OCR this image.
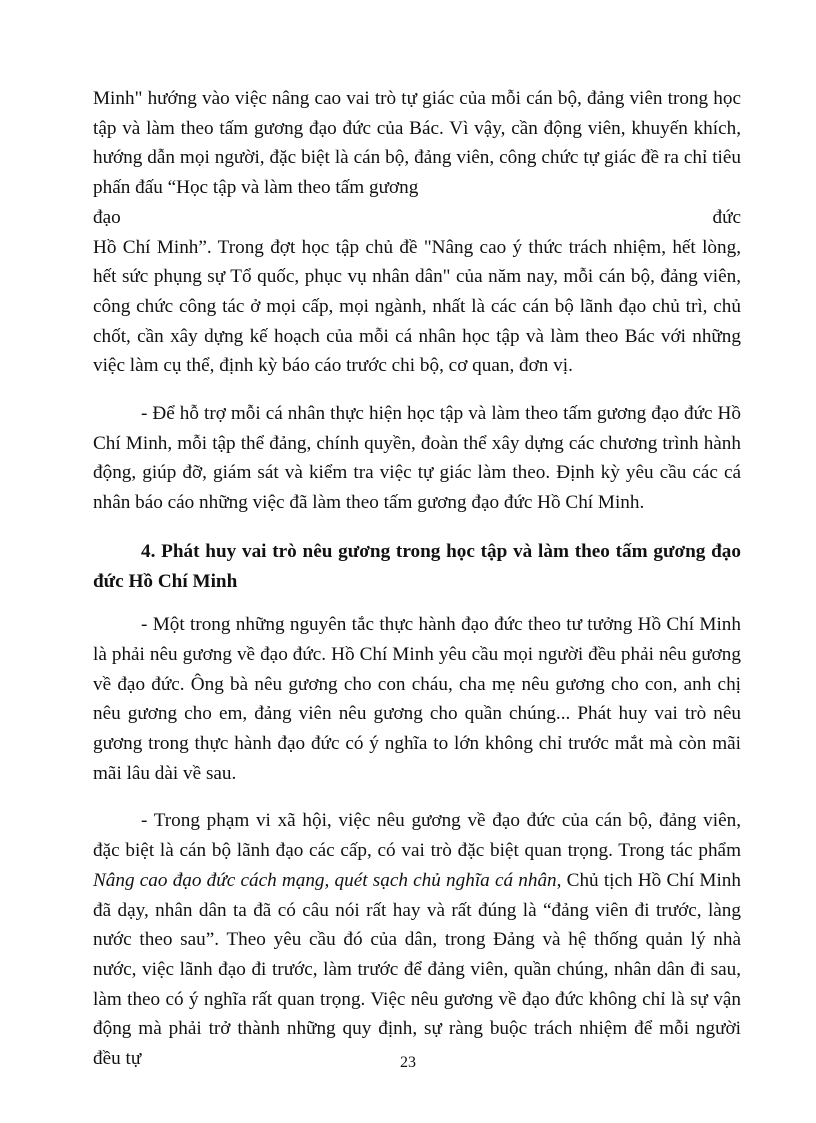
Minh" hướng vào việc nâng cao vai trò tự giác của mỗi cán bộ, đảng viên trong học tập và làm theo tấm gương đạo đức của Bác. Vì vậy, cần động viên, khuyến khích, hướng dẫn mọi người, đặc biệt là cán bộ, đảng viên, công chức tự giác đề ra chỉ tiêu phấn đấu “Học tập và làm theo tấm gương

đạo	đức

Hồ Chí Minh”. Trong đợt học tập chủ đề "Nâng cao ý thức trách nhiệm, hết lòng, hết sức phụng sự Tổ quốc, phục vụ nhân dân" của năm nay, mỗi cán bộ, đảng viên, công chức công tác ở mọi cấp, mọi ngành, nhất là các cán bộ lãnh đạo chủ trì, chủ chốt, cần xây dựng kế hoạch của mỗi cá nhân học tập và làm theo Bác với những việc làm cụ thể, định kỳ báo cáo trước chi bộ, cơ quan, đơn vị.

- Để hỗ trợ mỗi cá nhân thực hiện học tập và làm theo tấm gương đạo đức Hồ Chí Minh, mỗi tập thể đảng, chính quyền, đoàn thể xây dựng các chương trình hành động, giúp đỡ, giám sát và kiểm tra việc tự giác làm theo. Định kỳ yêu cầu các cá nhân báo cáo những việc đã làm theo tấm gương đạo đức Hồ Chí Minh.

4. Phát huy vai trò nêu gương trong học tập và làm theo tấm gương đạo đức Hồ Chí Minh

- Một trong những nguyên tắc thực hành đạo đức theo tư tưởng Hồ Chí Minh là phải nêu gương về đạo đức. Hồ Chí Minh yêu cầu mọi người đều phải nêu gương về đạo đức. Ông bà nêu gương cho con cháu, cha mẹ nêu gương cho con, anh chị nêu gương cho em, đảng viên nêu gương cho quần chúng... Phát huy vai trò nêu gương trong thực hành đạo đức có ý nghĩa to lớn không chỉ trước mắt mà còn mãi mãi lâu dài về sau.

- Trong phạm vi xã hội, việc nêu gương về đạo đức của cán bộ, đảng viên, đặc biệt là cán bộ lãnh đạo các cấp, có vai trò đặc biệt quan trọng. Trong tác phẩm Nâng cao đạo đức cách mạng, quét sạch chủ nghĩa cá nhân, Chủ tịch Hồ Chí Minh đã dạy, nhân dân ta đã có câu nói rất hay và rất đúng là “đảng viên đi trước, làng nước theo sau”. Theo yêu cầu đó của dân, trong Đảng và hệ thống quản lý nhà nước, việc lãnh đạo đi trước, làm trước để đảng viên, quần chúng, nhân dân đi sau, làm theo có ý nghĩa rất quan trọng. Việc nêu gương về đạo đức không chỉ là sự vận động mà phải trở thành những quy định, sự ràng buộc trách nhiệm để mỗi người đều tự	23
